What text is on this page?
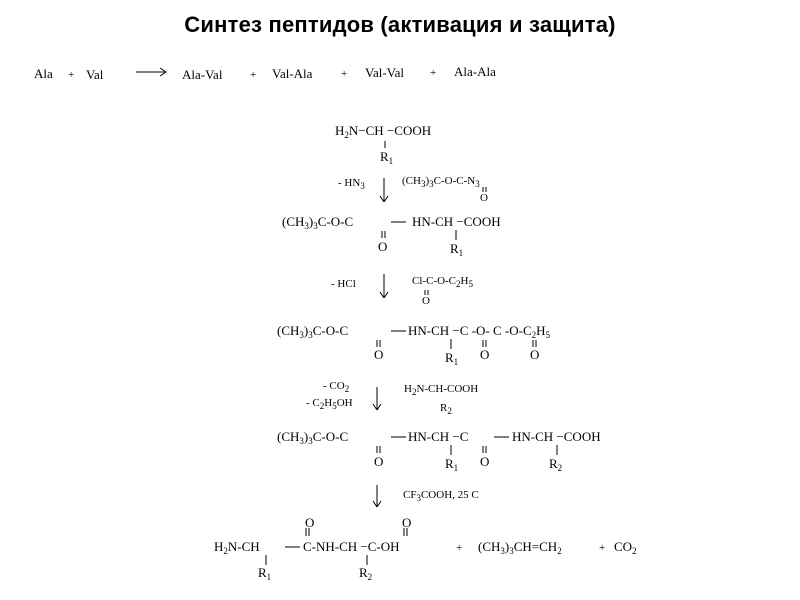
Синтез пептидов (активация и защита)
Ala + Val	Ala-Val	+ Val-Ala	+ Val-Val + Ala-Ala
$H_2N-CH$ −COOH
$R_1$
- $HN_3$	$(CH_3)_3C-O-C-N_3$
O
$(CH_3)_3C-O-C$	HN-CH −COOH
O	$R_1$
- HCl	$Cl-C-O-C_2H_5$
O
$(CH_3)_3C-O-C$	HN-CH −C -O- C $-O-C_2H_5$
O	O	O
$R_1$
- $CO_2$
- $C_2H_5OH$
$H_2N-CH$-COOH
$R_2$
$(CH_3)_3C-O-C$	HN-CH −C	HN-CH −COOH
O	O
$R_1$	$R_2$
$CF_3COOH$, 25 C
O	O
$H_2N-CH$	C-NH-CH −C-OH	+ $(CH_3)_3CH=CH_2$	+ $CO_2$
$R_1$	$R_2$
